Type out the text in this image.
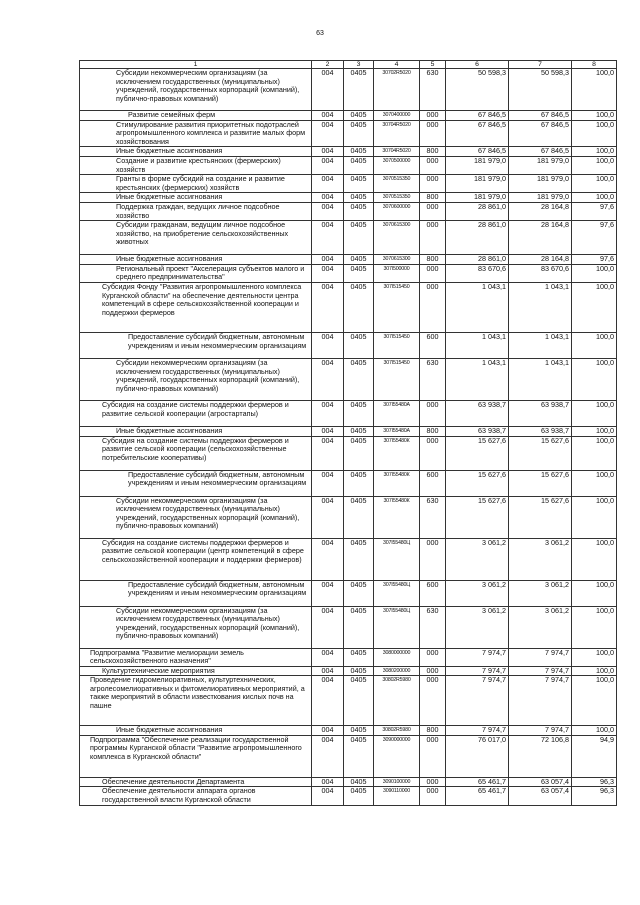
63
1	2	3	4	5	6	7	8
Субсидии некоммерческим организациям (за исключением государственных (муниципальных) учреждений, государственных корпораций (компаний), публично-правовых компаний)	004	0405	30702R5020	630	50 598,3	50 598,3	100,0
Развитие семейных ферм	004	0405	3070400000	000	67 846,5	67 846,5	100,0
Стимулирование развития приоритетных подотраслей агропромышленного комплекса и развитие малых форм хозяйствования	004	0405	30704R5020	000	67 846,5	67 846,5	100,0
Иные бюджетные ассигнования	004	0405	30704R5020	800	67 846,5	67 846,5	100,0
Создание и развитие крестьянских (фермерских) хозяйств	004	0405	3070500000	000	181 979,0	181 979,0	100,0
Гранты в форме субсидий на создание и развитие крестьянских (фермерских) хозяйств	004	0405	3070515350	000	181 979,0	181 979,0	100,0
Иные бюджетные ассигнования	004	0405	3070515350	800	181 979,0	181 979,0	100,0
Поддержка граждан, ведущих личное подсобное хозяйство	004	0405	3070600000	000	28 861,0	28 164,8	97,6
Субсидии гражданам, ведущим личное подсобное хозяйство, на приобретение сельскохозяйственных животных	004	0405	3070615300	000	28 861,0	28 164,8	97,6
Иные бюджетные ассигнования	004	0405	3070615300	800	28 861,0	28 164,8	97,6
Региональный проект "Акселерация субъектов малого и среднего предпринимательства"	004	0405	307I500000	000	83 670,6	83 670,6	100,0
Субсидия Фонду "Развития агропромышленного комплекса Курганской области" на обеспечение деятельности центра компетенций в сфере сельскохозяйственной кооперации и поддержки фермеров	004	0405	307I515450	000	1 043,1	1 043,1	100,0
Предоставление субсидий бюджетным, автономным учреждениям и иным некоммерческим организациям	004	0405	307I515450	600	1 043,1	1 043,1	100,0
Субсидии некоммерческим организациям (за исключением государственных (муниципальных) учреждений, государственных корпораций (компаний), публично-правовых компаний)	004	0405	307I515450	630	1 043,1	1 043,1	100,0
Субсидия на создание системы поддержки фермеров и развитие сельской кооперации (агростартапы)	004	0405	307I55480А	000	63 938,7	63 938,7	100,0
Иные бюджетные ассигнования	004	0405	307I55480А	800	63 938,7	63 938,7	100,0
Субсидия на создание системы поддержки фермеров и развитие сельской кооперации (сельскохозяйственные потребительские кооперативы)	004	0405	307I55480К	000	15 627,6	15 627,6	100,0
Предоставление субсидий бюджетным, автономным учреждениям и иным некоммерческим организациям	004	0405	307I55480К	600	15 627,6	15 627,6	100,0
Субсидии некоммерческим организациям (за исключением государственных (муниципальных) учреждений, государственных корпораций (компаний), публично-правовых компаний)	004	0405	307I55480К	630	15 627,6	15 627,6	100,0
Субсидия на создание системы поддержки фермеров и развитие сельской кооперации (центр компетенций в сфере сельскохозяйственной кооперации и поддержки фермеров)	004	0405	307I55480Ц	000	3 061,2	3 061,2	100,0
Предоставление субсидий бюджетным, автономным учреждениям и иным некоммерческим организациям	004	0405	307I55480Ц	600	3 061,2	3 061,2	100,0
Субсидии некоммерческим организациям (за исключением государственных (муниципальных) учреждений, государственных корпораций (компаний), публично-правовых компаний)	004	0405	307I55480Ц	630	3 061,2	3 061,2	100,0
Подпрограмма "Развитие мелиорации земель сельскохозяйственного назначения"	004	0405	3080000000	000	7 974,7	7 974,7	100,0
Культуртехнические мероприятия	004	0405	3080200000	000	7 974,7	7 974,7	100,0
Проведение гидромелиоративных, культуртехнических, агролесомелиоративных и фитомелиоративных мероприятий, а также мероприятий в области известкования кислых почв на пашне	004	0405	30802R5980	000	7 974,7	7 974,7	100,0
Иные бюджетные ассигнования	004	0405	30802R5980	800	7 974,7	7 974,7	100,0
Подпрограмма "Обеспечение реализации государственной программы Курганской области "Развитие агропромышленного комплекса в Курганской области"	004	0405	3090000000	000	76 017,0	72 106,8	94,9
Обеспечение деятельности Департамента	004	0405	3090100000	000	65 461,7	63 057,4	96,3
Обеспечение деятельности аппарата органов государственной власти Курганской области	004	0405	3090110000	000	65 461,7	63 057,4	96,3
